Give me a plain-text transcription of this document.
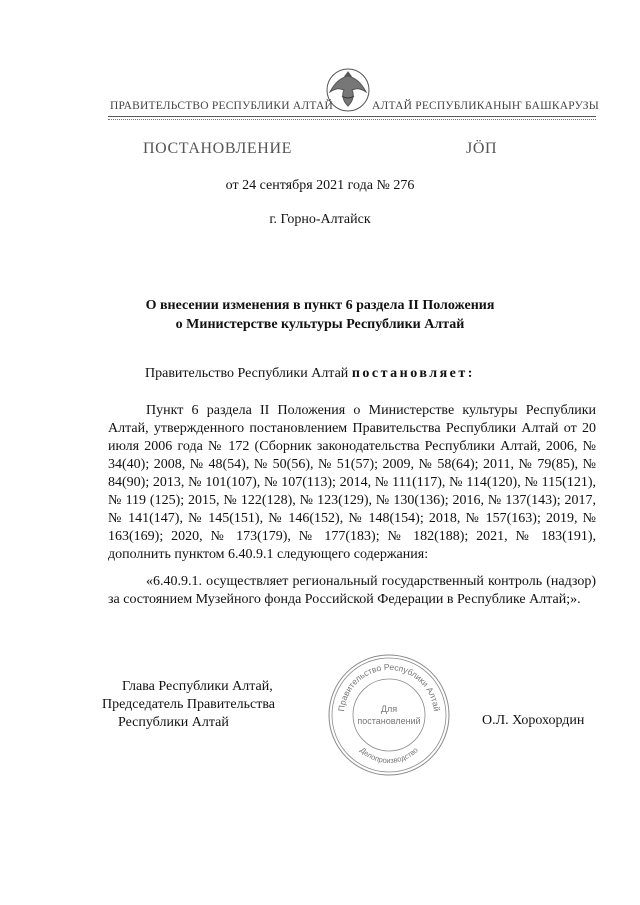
ПРАВИТЕЛЬСТВО РЕСПУБЛИКИ АЛТАЙ	АЛТАЙ РЕСПУБЛИКАНЫҤ БАШКАРУЗЫ
ПОСТАНОВЛЕНИЕ	ЈӦП
от 24 сентября 2021 года № 276
г. Горно-Алтайск
О внесении изменения в пункт 6 раздела II Положения
о Министерстве культуры Республики Алтай
Правительство Республики Алтай постановляет:
Пункт 6 раздела II Положения о Министерстве культуры Республики Алтай, утвержденного постановлением Правительства Республики Алтай от 20 июля 2006 года № 172 (Сборник законодательства Республики Алтай, 2006, № 34(40); 2008, № 48(54), № 50(56), № 51(57); 2009, № 58(64); 2011, № 79(85), № 84(90); 2013, № 101(107), № 107(113); 2014, № 111(117), № 114(120), № 115(121), № 119 (125); 2015, № 122(128), № 123(129), № 130(136); 2016, № 137(143); 2017, № 141(147), № 145(151), № 146(152), № 148(154); 2018, № 157(163); 2019, № 163(169); 2020, № 173(179), № 177(183); № 182(188); 2021, № 183(191), дополнить пунктом 6.40.9.1 следующего содержания:
«6.40.9.1. осуществляет региональный государственный контроль (надзор) за состоянием Музейного фонда Российской Федерации в Республике Алтай;».
Глава Республики Алтай,
Председатель Правительства
Республики Алтай	О.Л. Хорохордин
Правительство Республики Алтай
Делопроизводство
Для
постановлений
